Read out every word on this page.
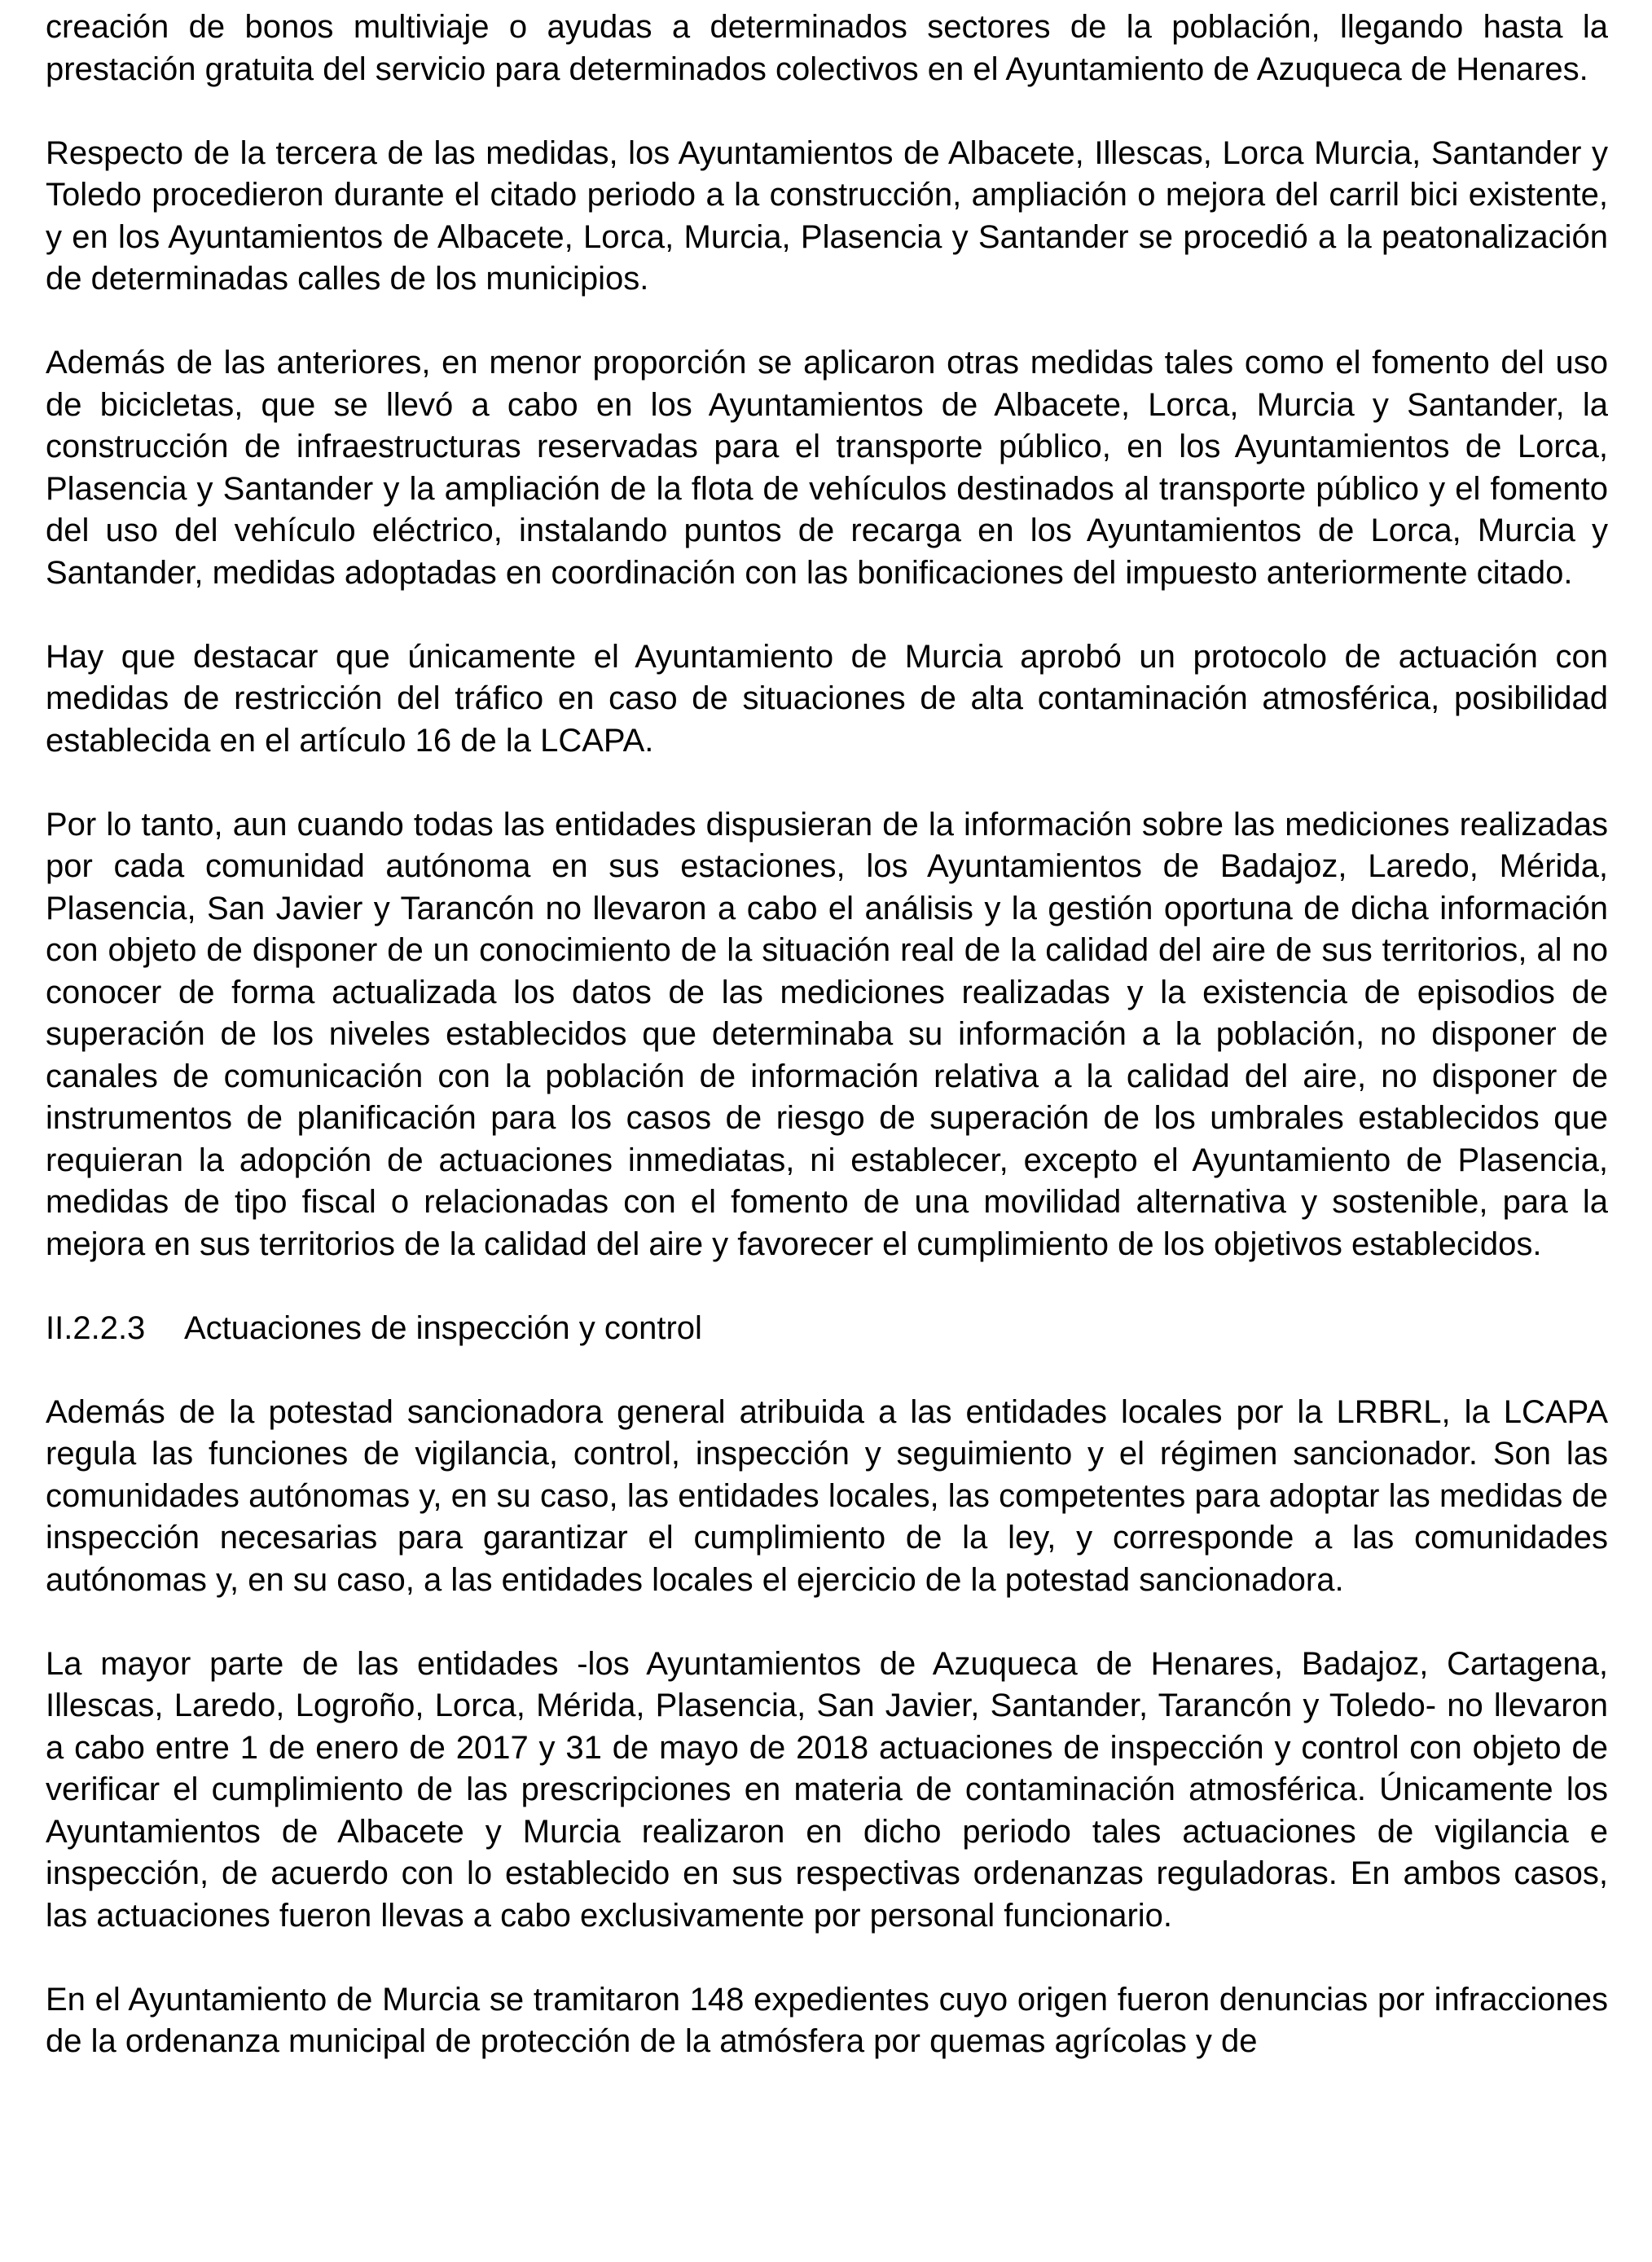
creación de bonos multiviaje o ayudas a determinados sectores de la población, llegando hasta la prestación gratuita del servicio para determinados colectivos en el Ayuntamiento de Azuqueca de Henares.

Respecto de la tercera de las medidas, los Ayuntamientos de Albacete, Illescas, Lorca Murcia, Santander y Toledo procedieron durante el citado periodo a la construcción, ampliación o mejora del carril bici existente, y en los Ayuntamientos de Albacete, Lorca, Murcia, Plasencia y Santander se procedió a la peatonalización de determinadas calles de los municipios.

Además de las anteriores, en menor proporción se aplicaron otras medidas tales como el fomento del uso de bicicletas, que se llevó a cabo en los Ayuntamientos de Albacete, Lorca, Murcia y Santander, la construcción de infraestructuras reservadas para el transporte público, en los Ayuntamientos de Lorca, Plasencia y Santander y la ampliación de la flota de vehículos destinados al transporte público y el fomento del uso del vehículo eléctrico, instalando puntos de recarga en los Ayuntamientos de Lorca, Murcia y Santander, medidas adoptadas en coordinación con las bonificaciones del impuesto anteriormente citado.

Hay que destacar que únicamente el Ayuntamiento de Murcia aprobó un protocolo de actuación con medidas de restricción del tráfico en caso de situaciones de alta contaminación atmosférica, posibilidad establecida en el artículo 16 de la LCAPA.

Por lo tanto, aun cuando todas las entidades dispusieran de la información sobre las mediciones realizadas por cada comunidad autónoma en sus estaciones, los Ayuntamientos de Badajoz, Laredo, Mérida, Plasencia, San Javier y Tarancón no llevaron a cabo el análisis y la gestión oportuna de dicha información con objeto de disponer de un conocimiento de la situación real de la calidad del aire de sus territorios, al no conocer de forma actualizada los datos de las mediciones realizadas y la existencia de episodios de superación de los niveles establecidos que determinaba su información a la población, no disponer de canales de comunicación con la población de información relativa a la calidad del aire, no disponer de instrumentos de planificación para los casos de riesgo de superación de los umbrales establecidos que requieran la adopción de actuaciones inmediatas, ni establecer, excepto el Ayuntamiento de Plasencia, medidas de tipo fiscal o relacionadas con el fomento de una movilidad alternativa y sostenible, para la mejora en sus territorios de la calidad del aire y favorecer el cumplimiento de los objetivos establecidos.

II.2.2.3	Actuaciones de inspección y control

Además de la potestad sancionadora general atribuida a las entidades locales por la LRBRL, la LCAPA regula las funciones de vigilancia, control, inspección y seguimiento y el régimen sancionador. Son las comunidades autónomas y, en su caso, las entidades locales, las competentes para adoptar las medidas de inspección necesarias para garantizar el cumplimiento de la ley, y corresponde a las comunidades autónomas y, en su caso, a las entidades locales el ejercicio de la potestad sancionadora.

La mayor parte de las entidades -los Ayuntamientos de Azuqueca de Henares, Badajoz, Cartagena, Illescas, Laredo, Logroño, Lorca, Mérida, Plasencia, San Javier, Santander, Tarancón y Toledo- no llevaron a cabo entre 1 de enero de 2017 y 31 de mayo de 2018 actuaciones de inspección y control con objeto de verificar el cumplimiento de las prescripciones en materia de contaminación atmosférica. Únicamente los Ayuntamientos de Albacete y Murcia realizaron en dicho periodo tales actuaciones de vigilancia e inspección, de acuerdo con lo establecido en sus respectivas ordenanzas reguladoras. En ambos casos, las actuaciones fueron llevas a cabo exclusivamente por personal funcionario.

En el Ayuntamiento de Murcia se tramitaron 148 expedientes cuyo origen fueron denuncias por infracciones de la ordenanza municipal de protección de la atmósfera por quemas agrícolas y de
